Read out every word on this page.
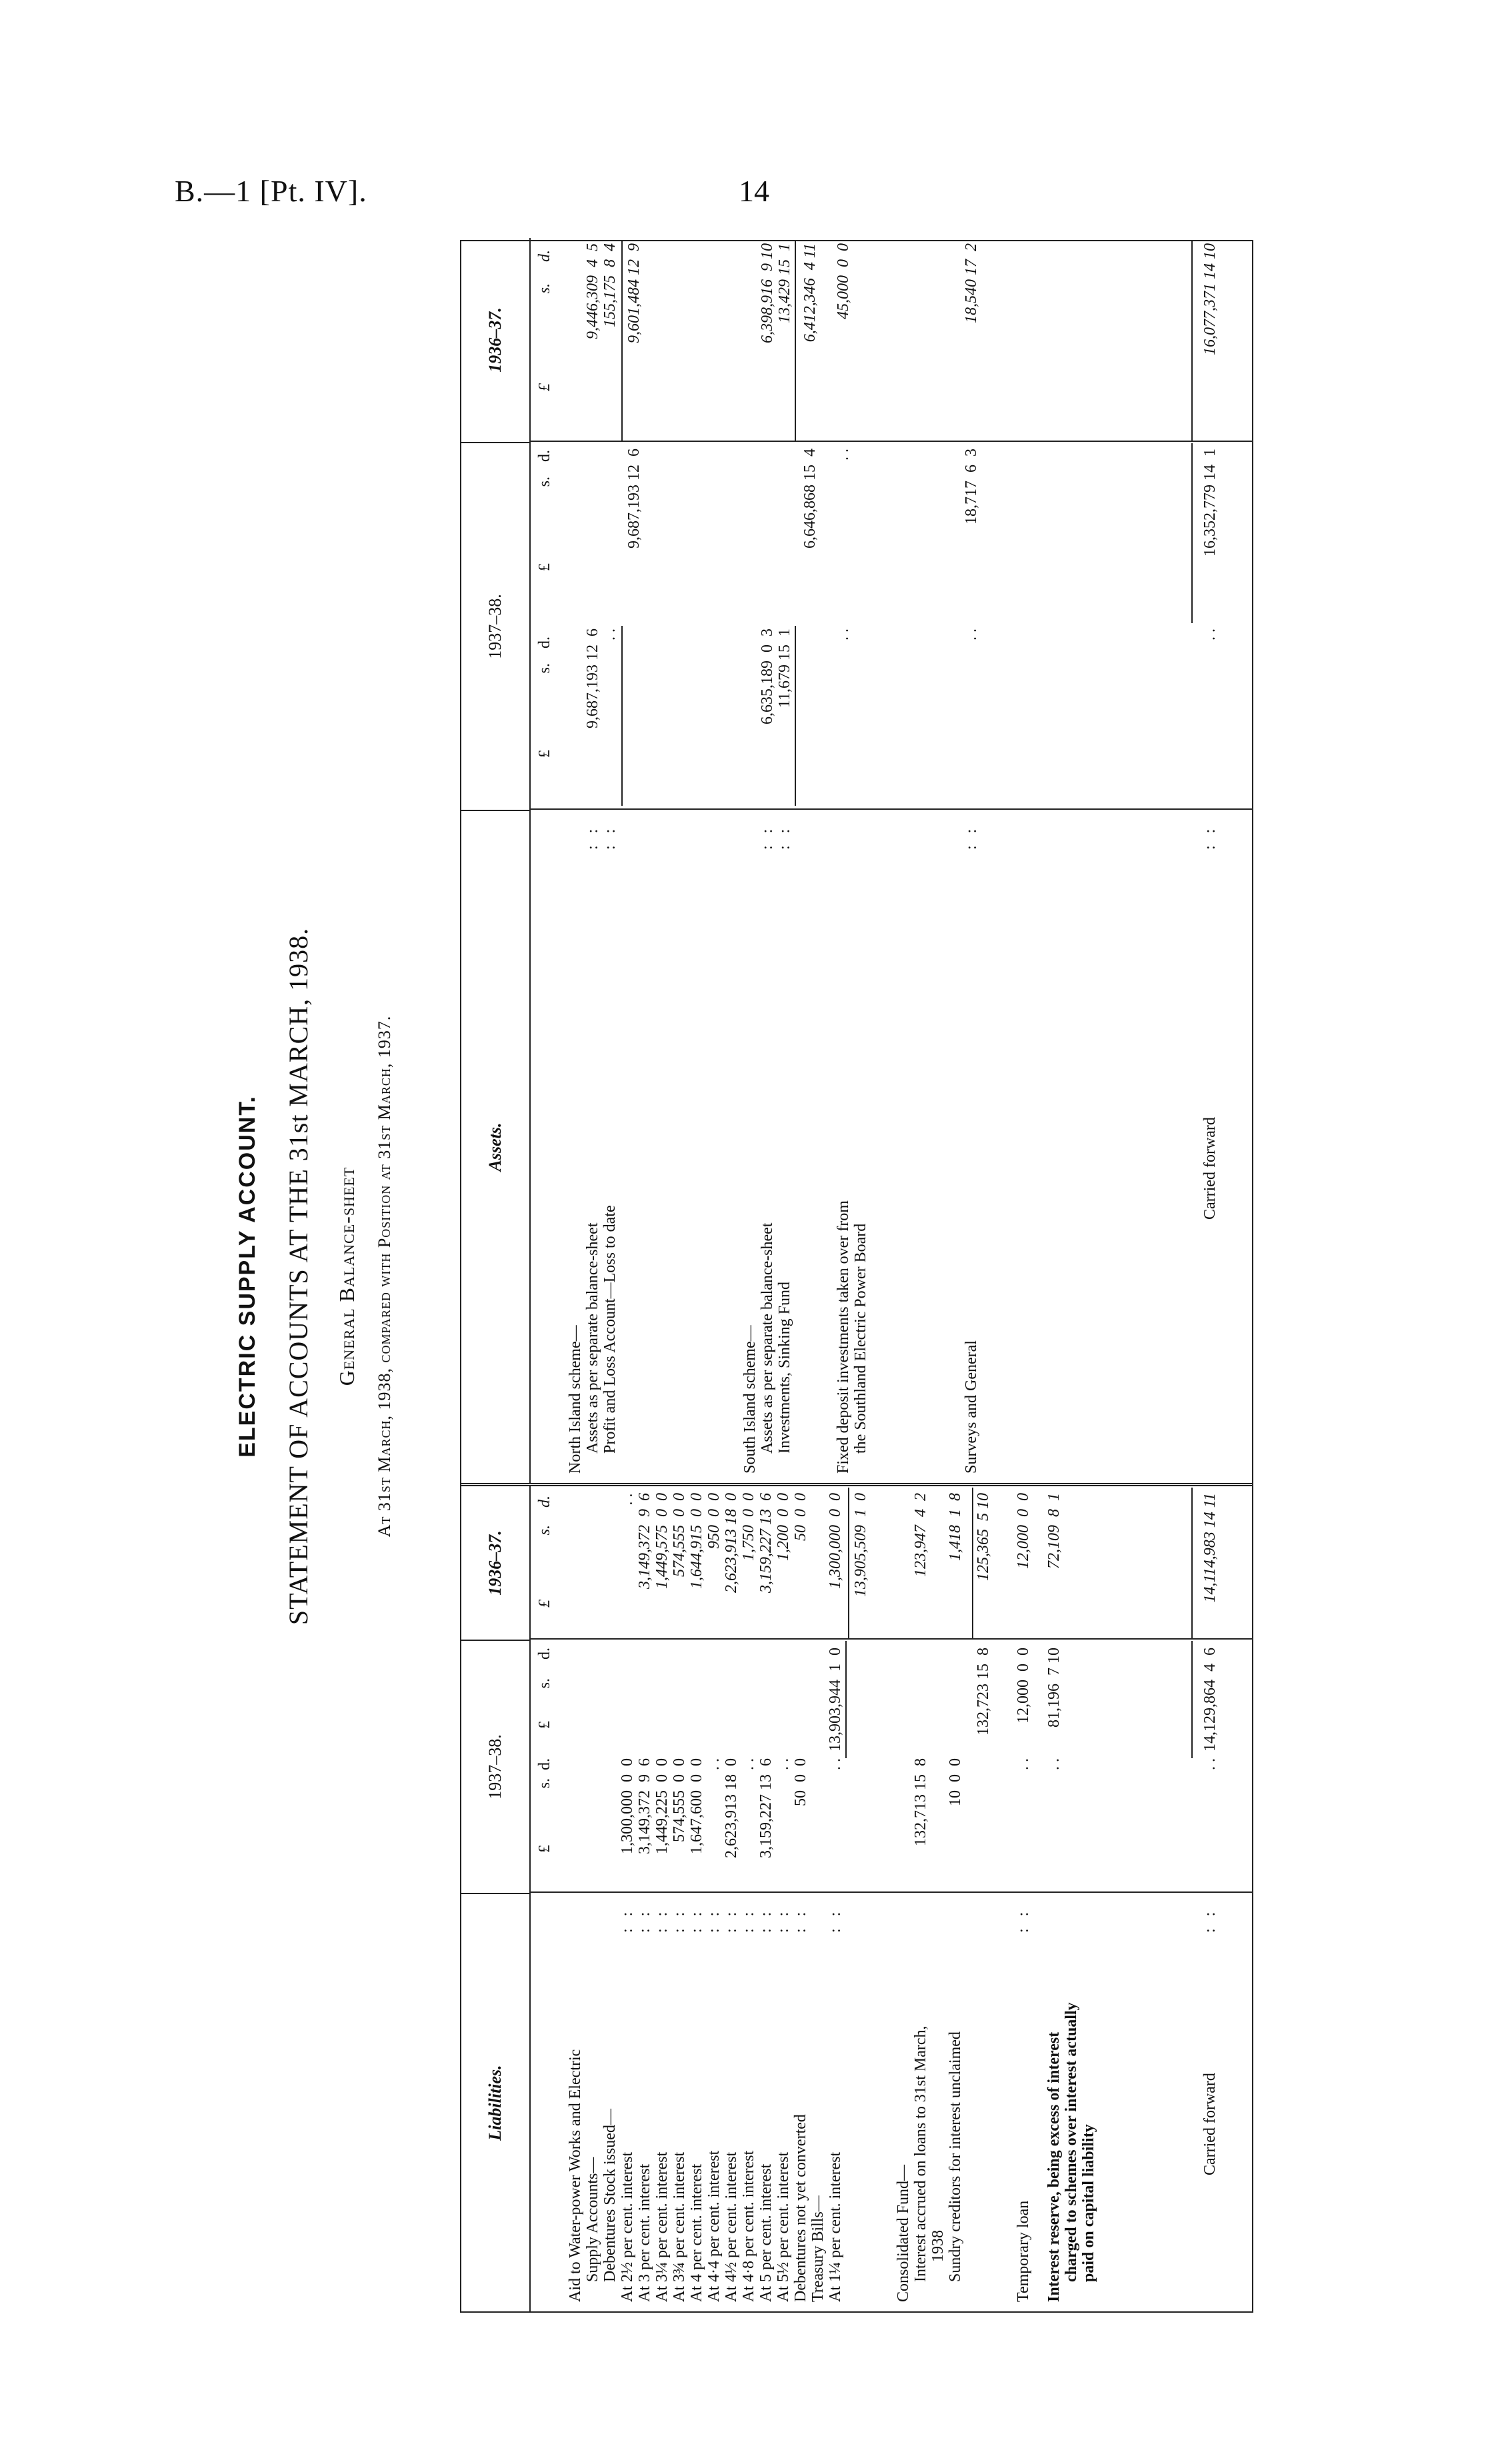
B.—1 [Pt. IV].	14
ELECTRIC SUPPLY ACCOUNT. STATEMENT OF ACCOUNTS AT THE 31st MARCH, 1938. General Balance-sheet At 31st March, 1938, compared with Position at 31st March, 1937.
Liabilities.
1937–38.
1936–37.
£
s.
d.
£
s.
d.
£
s.
d.
Aid to Water-power Works and Electric Supply Accounts— Debentures Stock issued— At 2½ per cent. interest
: :
1,300,000  0  0
. .
At 3 per cent. interest
: :
3,149,372  9  6
3,149,372  9  6
At 3¼ per cent. interest
: :
1,449,225  0  0
1,449,575  0  0
At 3¾ per cent. interest
: :
574,555  0  0
574,555  0  0
At 4 per cent. interest
: :
1,647,600  0  0
1,644,915  0  0
At 4·4 per cent. interest
: :
. .
950  0  0
At 4½ per cent. interest
: :
2,623,913 18  0
2,623,913 18  0
At 4·8 per cent. interest
: :
. .
1,750  0  0
At 5 per cent. interest
: :
3,159,227 13  6
3,159,227 13  6
At 5½ per cent. interest
: :
. .
1,200  0  0
Debentures not yet converted
: :
50  0  0
50  0  0
Treasury Bills— At 1¼ per cent. interest
: :
. .
13,903,944  1  0
1,300,000  0  0 13,905,509  1  0
Consolidated Fund— Interest accrued on loans to 31st March,
132,713 15  8
123,947  4  2
1938 Sundry creditors for interest unclaimed
10  0  0
1,418  1  8
132,723 15  8
125,365  5 10
Temporary loan
: :
. .
12,000  0  0
12,000  0  0
Interest reserve, being excess of interest
. .
81,196  7 10
72,109  8  1
charged to schemes over interest actually paid on capital liability
Carried forward
: :
. .
14,129,864  4  6
14,114,983 14 11
Assets.
1937–38.
1936–37.
£
s.
d.
£
s.
d.
£
s.
d.
North Island scheme— Assets as per separate balance-sheet
: :
9,687,193 12  6
9,446,309  4  5
Profit and Loss Account—Loss to date
: :
. .
155,175  8  4
9,687,193 12  6
9,601,484 12  9
South Island scheme— Assets as per separate balance-sheet
: :
6,635,189  0  3
6,398,916  9 10
Investments, Sinking Fund
: :
11,679 15  1
13,429 15  1
6,646,868 15  4
6,412,346  4 11
Fixed deposit investments taken over from
. .
. .
45,000  0  0
the Southland Electric Power Board	Surveys and General
: :
. .
18,717  6  3
18,540 17  2
Carried forward
: :
. .
16,352,779 14  1
16,077,371 14 10
